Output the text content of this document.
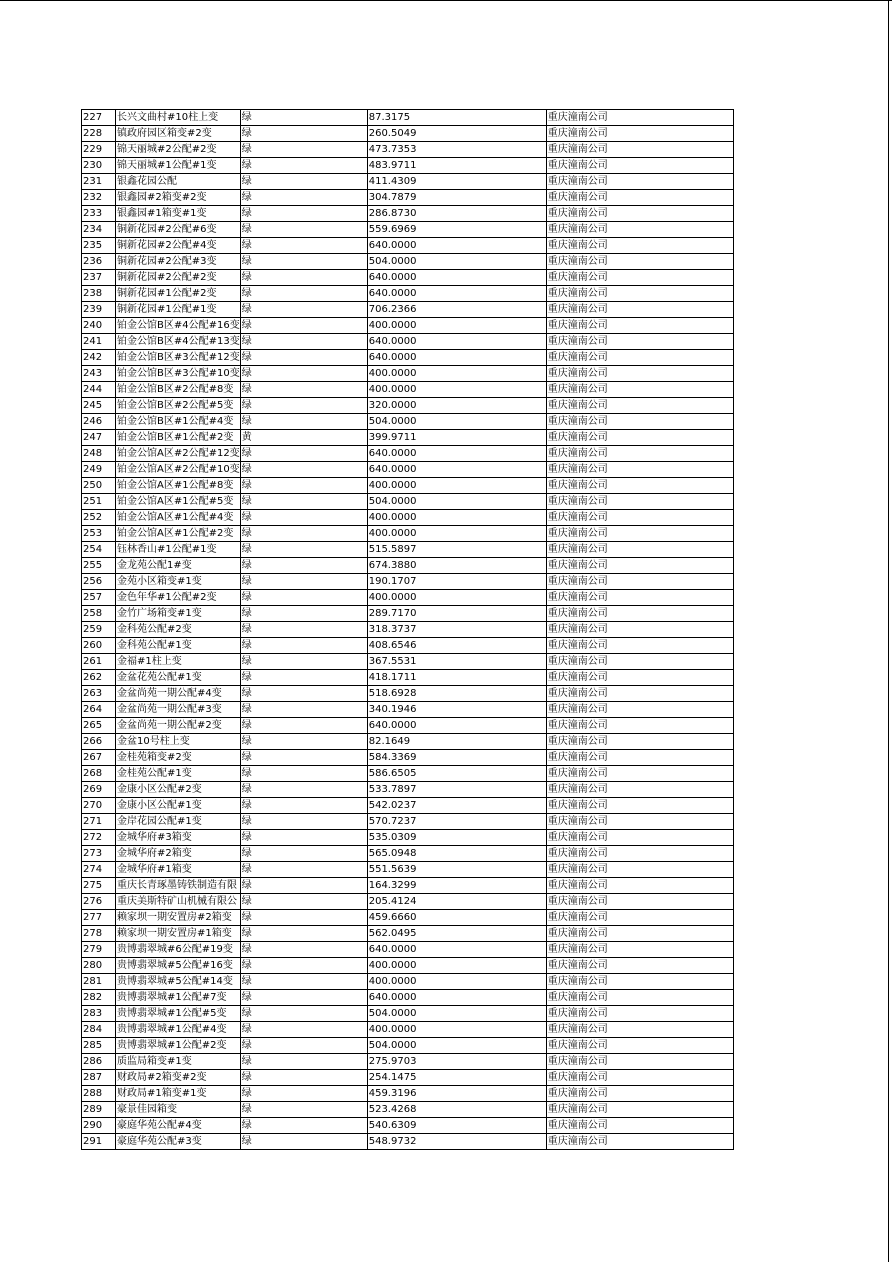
227	长兴文曲村#10柱上变	绿	87.3175	重庆潼南公司
228	镇政府园区箱变#2变	绿	260.5049	重庆潼南公司
229	锦天丽城#2公配#2变	绿	473.7353	重庆潼南公司
230	锦天丽城#1公配#1变	绿	483.9711	重庆潼南公司
231	银鑫花园公配	绿	411.4309	重庆潼南公司
232	银鑫园#2箱变#2变	绿	304.7879	重庆潼南公司
233	银鑫园#1箱变#1变	绿	286.8730	重庆潼南公司
234	铜新花园#2公配#6变	绿	559.6969	重庆潼南公司
235	铜新花园#2公配#4变	绿	640.0000	重庆潼南公司
236	铜新花园#2公配#3变	绿	504.0000	重庆潼南公司
237	铜新花园#2公配#2变	绿	640.0000	重庆潼南公司
238	铜新花园#1公配#2变	绿	640.0000	重庆潼南公司
239	铜新花园#1公配#1变	绿	706.2366	重庆潼南公司
240	铂金公馆B区#4公配#16变	绿	400.0000	重庆潼南公司
241	铂金公馆B区#4公配#13变	绿	640.0000	重庆潼南公司
242	铂金公馆B区#3公配#12变	绿	640.0000	重庆潼南公司
243	铂金公馆B区#3公配#10变	绿	400.0000	重庆潼南公司
244	铂金公馆B区#2公配#8变	绿	400.0000	重庆潼南公司
245	铂金公馆B区#2公配#5变	绿	320.0000	重庆潼南公司
246	铂金公馆B区#1公配#4变	绿	504.0000	重庆潼南公司
247	铂金公馆B区#1公配#2变	黄	399.9711	重庆潼南公司
248	铂金公馆A区#2公配#12变	绿	640.0000	重庆潼南公司
249	铂金公馆A区#2公配#10变	绿	640.0000	重庆潼南公司
250	铂金公馆A区#1公配#8变	绿	400.0000	重庆潼南公司
251	铂金公馆A区#1公配#5变	绿	504.0000	重庆潼南公司
252	铂金公馆A区#1公配#4变	绿	400.0000	重庆潼南公司
253	铂金公馆A区#1公配#2变	绿	400.0000	重庆潼南公司
254	钰林香山#1公配#1变	绿	515.5897	重庆潼南公司
255	金龙苑公配1#变	绿	674.3880	重庆潼南公司
256	金苑小区箱变#1变	绿	190.1707	重庆潼南公司
257	金色年华#1公配#2变	绿	400.0000	重庆潼南公司
258	金竹广场箱变#1变	绿	289.7170	重庆潼南公司
259	金科苑公配#2变	绿	318.3737	重庆潼南公司
260	金科苑公配#1变	绿	408.6546	重庆潼南公司
261	金福#1柱上变	绿	367.5531	重庆潼南公司
262	金盆花苑公配#1变	绿	418.1711	重庆潼南公司
263	金盆尚苑一期公配#4变	绿	518.6928	重庆潼南公司
264	金盆尚苑一期公配#3变	绿	340.1946	重庆潼南公司
265	金盆尚苑一期公配#2变	绿	640.0000	重庆潼南公司
266	金盆10号柱上变	绿	82.1649	重庆潼南公司
267	金桂苑箱变#2变	绿	584.3369	重庆潼南公司
268	金桂苑公配#1变	绿	586.6505	重庆潼南公司
269	金康小区公配#2变	绿	533.7897	重庆潼南公司
270	金康小区公配#1变	绿	542.0237	重庆潼南公司
271	金岸花园公配#1变	绿	570.7237	重庆潼南公司
272	金城华府#3箱变	绿	535.0309	重庆潼南公司
273	金城华府#2箱变	绿	565.0948	重庆潼南公司
274	金城华府#1箱变	绿	551.5639	重庆潼南公司
275	重庆长青琢墨铸铁制造有限	绿	164.3299	重庆潼南公司
276	重庆美斯特矿山机械有限公	绿	205.4124	重庆潼南公司
277	赖家坝一期安置房#2箱变	绿	459.6660	重庆潼南公司
278	赖家坝一期安置房#1箱变	绿	562.0495	重庆潼南公司
279	贵博翡翠城#6公配#19变	绿	640.0000	重庆潼南公司
280	贵博翡翠城#5公配#16变	绿	400.0000	重庆潼南公司
281	贵博翡翠城#5公配#14变	绿	400.0000	重庆潼南公司
282	贵博翡翠城#1公配#7变	绿	640.0000	重庆潼南公司
283	贵博翡翠城#1公配#5变	绿	504.0000	重庆潼南公司
284	贵博翡翠城#1公配#4变	绿	400.0000	重庆潼南公司
285	贵博翡翠城#1公配#2变	绿	504.0000	重庆潼南公司
286	质监局箱变#1变	绿	275.9703	重庆潼南公司
287	财政局#2箱变#2变	绿	254.1475	重庆潼南公司
288	财政局#1箱变#1变	绿	459.3196	重庆潼南公司
289	豪景佳园箱变	绿	523.4268	重庆潼南公司
290	豪庭华苑公配#4变	绿	540.6309	重庆潼南公司
291	豪庭华苑公配#3变	绿	548.9732	重庆潼南公司
